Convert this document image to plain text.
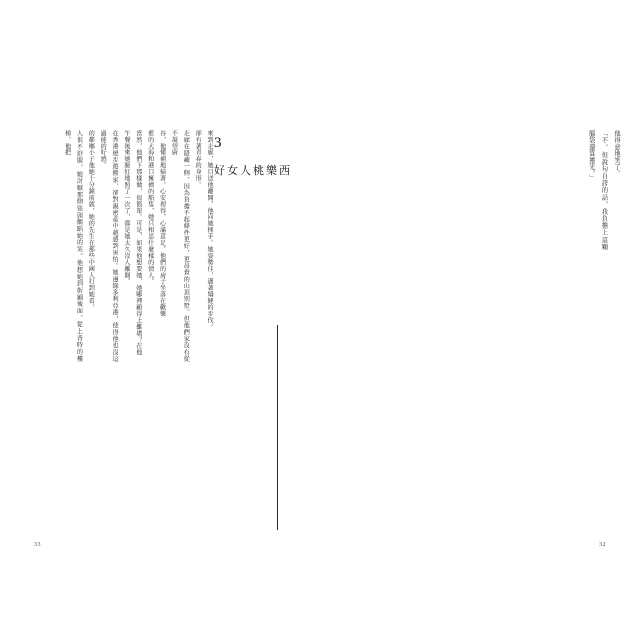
3
好女人桃樂西
來到走廊，她目送他離開。他向她揮手。她姿勢佳，邁著矯健的步伐。
卻有著青春的身形。
走廊在隱藏一側，因為負擔不起條件更好，更昂貴的山頂別墅。但他們家沒有從不凝望廚
谷，他懂補地掃著。心安理得，心滿意足。他們的房子坐落在歡樂
藍的大海和港口擁擠的船隻，她只相思什麼樣的情人。
當然，他們下那樣做，很簡單。可是，如果他想要她，她哪裡顧得上難堪？在他
午餐後來她臉紅地照了一次了，都是她太久沒人離開。
在香港緩步遊搬家，卻對親密產中越感到害怕。她邊緣多利亞港，使得他也沒這過能的好感。
的鄰鄉小子他她十分鐘前就，她的先生在那些中國人打到她看，
人很不舒服，她討厭那側張頭鵝蹈她的笑。他想她到街鋪後面，從上背時的樓梯。他把
33
他得意地笑了。
「不，但說句自誇的話，我負擔上這顆腦袋還算靈光。」
32
